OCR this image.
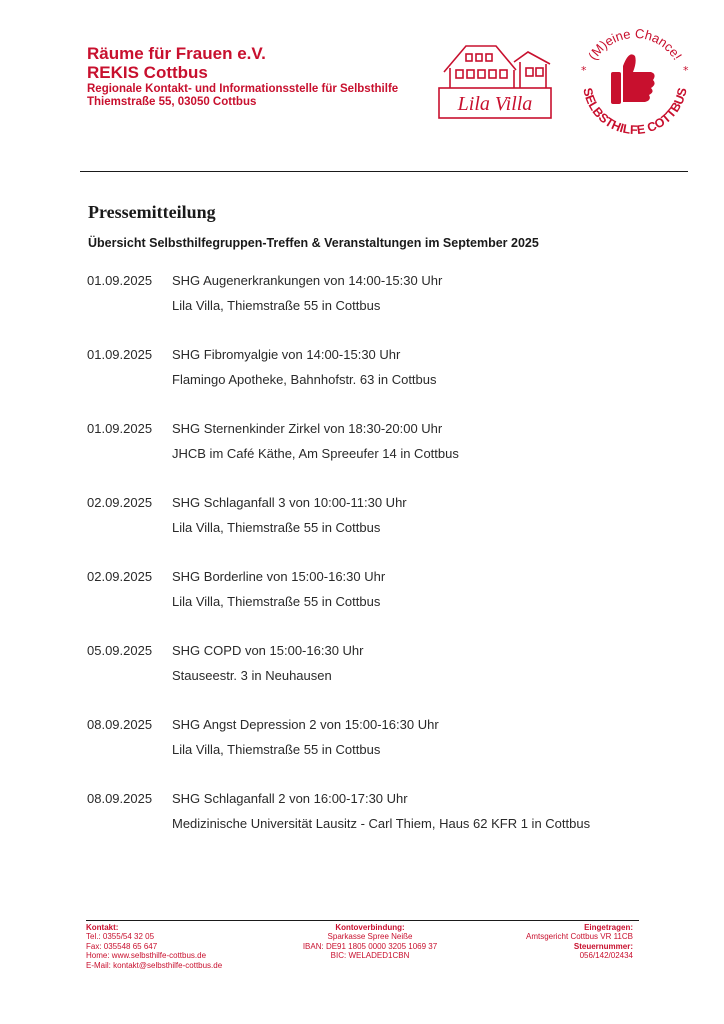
Räume für Frauen e.V.
REKIS Cottbus
Regionale Kontakt- und Informationsstelle für Selbsthilfe
Thiemstraße 55, 03050 Cottbus	Lila Villa
(M)eine Chance!
SELBSTHILFE COTTBUS
*	*
Pressemitteilung
Übersicht Selbsthilfegruppen-Treffen & Veranstaltungen im September 2025
01.09.2025 SHG Augenerkrankungen von 14:00-15:30 Uhr
Lila Villa, Thiemstraße 55 in Cottbus
01.09.2025 SHG Fibromyalgie von 14:00-15:30 Uhr
Flamingo Apotheke, Bahnhofstr. 63 in Cottbus
01.09.2025 SHG Sternenkinder Zirkel von 18:30-20:00 Uhr
JHCB im Café Käthe, Am Spreeufer 14 in Cottbus
02.09.2025 SHG Schlaganfall 3 von 10:00-11:30 Uhr
Lila Villa, Thiemstraße 55 in Cottbus
02.09.2025 SHG Borderline von 15:00-16:30 Uhr
Lila Villa, Thiemstraße 55 in Cottbus
05.09.2025 SHG COPD von 15:00-16:30 Uhr
Stauseestr. 3 in Neuhausen
08.09.2025 SHG Angst Depression 2 von 15:00-16:30 Uhr
Lila Villa, Thiemstraße 55 in Cottbus
08.09.2025 SHG Schlaganfall 2 von 16:00-17:30 Uhr
Medizinische Universität Lausitz - Carl Thiem, Haus 62 KFR 1 in Cottbus
Kontakt:
Tel.: 0355/54 32 05
Fax: 035548 65 647
Home: www.selbsthilfe-cottbus.de
E-Mail: kontakt@selbsthilfe-cottbus.de
Kontoverbindung:
Sparkasse Spree Neiße
IBAN: DE91 1805 0000 3205 1069 37
BIC: WELADED1CBN
Eingetragen:
Amtsgericht Cottbus VR 11CB
Steuernummer:
056/142/02434
